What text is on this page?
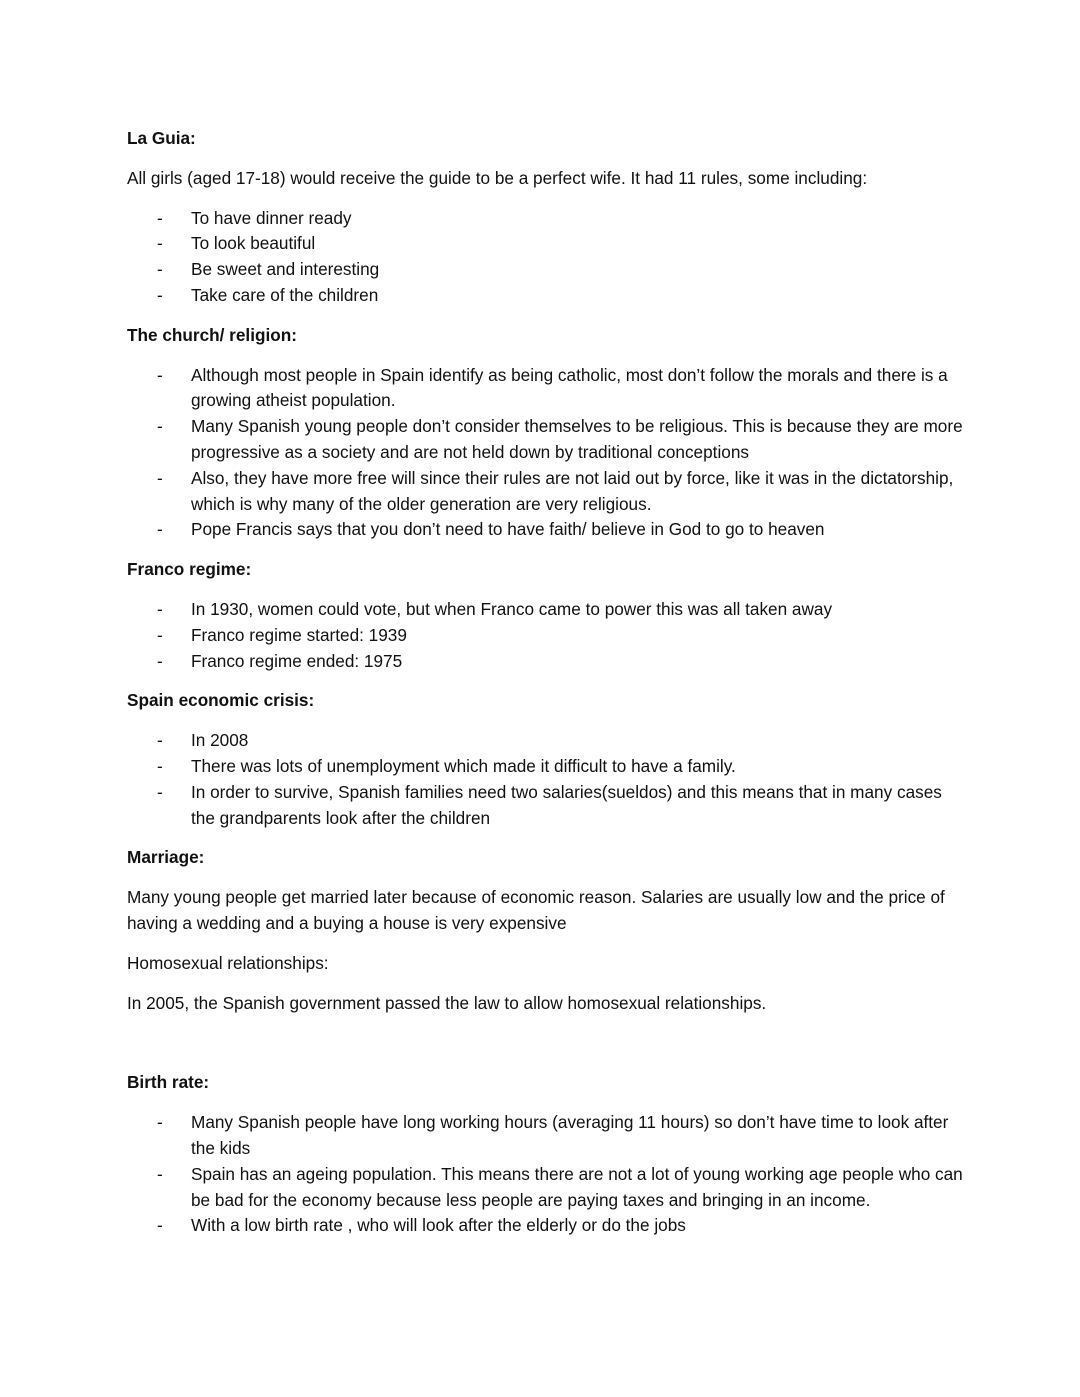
La Guia:
All girls (aged 17-18) would receive the guide to be a perfect wife. It had 11 rules, some including:
- To have dinner ready
- To look beautiful
- Be sweet and interesting
- Take care of the children
The church/ religion:
- Although most people in Spain identify as being catholic, most don’t follow the morals and there is a growing atheist population.
- Many Spanish young people don’t consider themselves to be religious. This is because they are more progressive as a society and are not held down by traditional conceptions
- Also, they have more free will since their rules are not laid out by force, like it was in the dictatorship, which is why many of the older generation are very religious.
- Pope Francis says that you don’t need to have faith/ believe in God to go to heaven
Franco regime:
- In 1930, women could vote, but when Franco came to power this was all taken away
- Franco regime started: 1939
- Franco regime ended: 1975
Spain economic crisis:
- In 2008
- There was lots of unemployment which made it difficult to have a family.
- In order to survive, Spanish families need two salaries(sueldos) and this means that in many cases the grandparents look after the children
Marriage:
Many young people get married later because of economic reason. Salaries are usually low and the price of having a wedding and a buying a house is very expensive
Homosexual relationships:
In 2005, the Spanish government passed the law to allow homosexual relationships.
Birth rate:
- Many Spanish people have long working hours (averaging 11 hours) so don’t have time to look after the kids
- Spain has an ageing population. This means there are not a lot of young working age people who can be bad for the economy because less people are paying taxes and bringing in an income.
- With a low birth rate , who will look after the elderly or do the jobs
